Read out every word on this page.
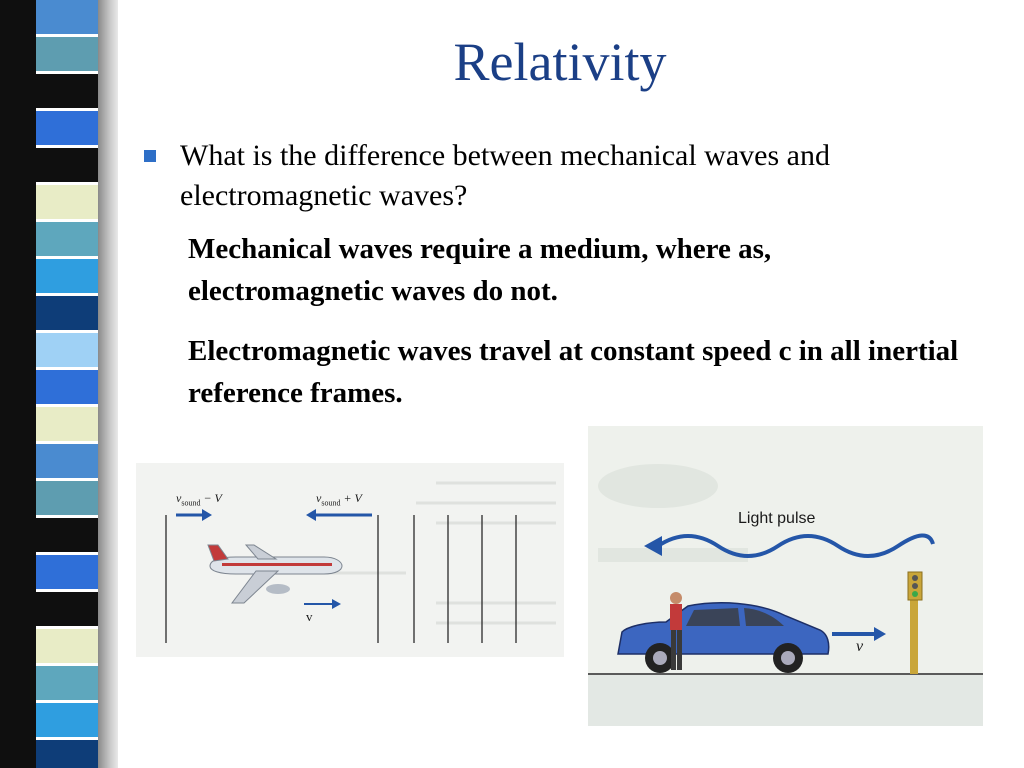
Relativity
What is the difference between mechanical waves and electromagnetic waves?
Mechanical waves require a medium, where as, electromagnetic waves do not.
Electromagnetic waves travel at constant speed c in all inertial reference frames.
$v_{sound} - V$	$v_{sound} + V$
v
Light pulse
v
